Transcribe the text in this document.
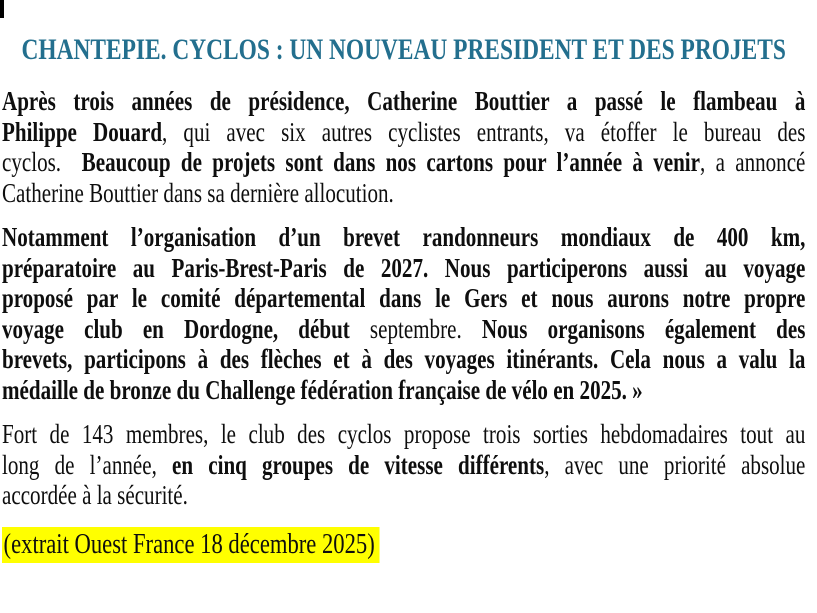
CHANTEPIE. CYCLOS : UN NOUVEAU PRESIDENT ET DES PROJETS
Après trois années de présidence, Catherine Bouttier a passé le flambeau à
Philippe Douard, qui avec six autres cyclistes entrants, va étoffer le bureau des
cyclos.  Beaucoup de projets sont dans nos cartons pour l’année à venir, a annoncé
Catherine Bouttier dans sa dernière allocution.
Notamment l’organisation d’un brevet randonneurs mondiaux de 400 km,
préparatoire au Paris-Brest-Paris de 2027. Nous participerons aussi au voyage
proposé par le comité départemental dans le Gers et nous aurons notre propre
voyage club en Dordogne, début septembre. Nous organisons également des
brevets, participons à des flèches et à des voyages itinérants. Cela nous a valu la
médaille de bronze du Challenge fédération française de vélo en 2025. »
Fort de 143 membres, le club des cyclos propose trois sorties hebdomadaires tout au
long de l’année, en cinq groupes de vitesse différents, avec une priorité absolue
accordée à la sécurité.
(extrait Ouest France 18 décembre 2025)
